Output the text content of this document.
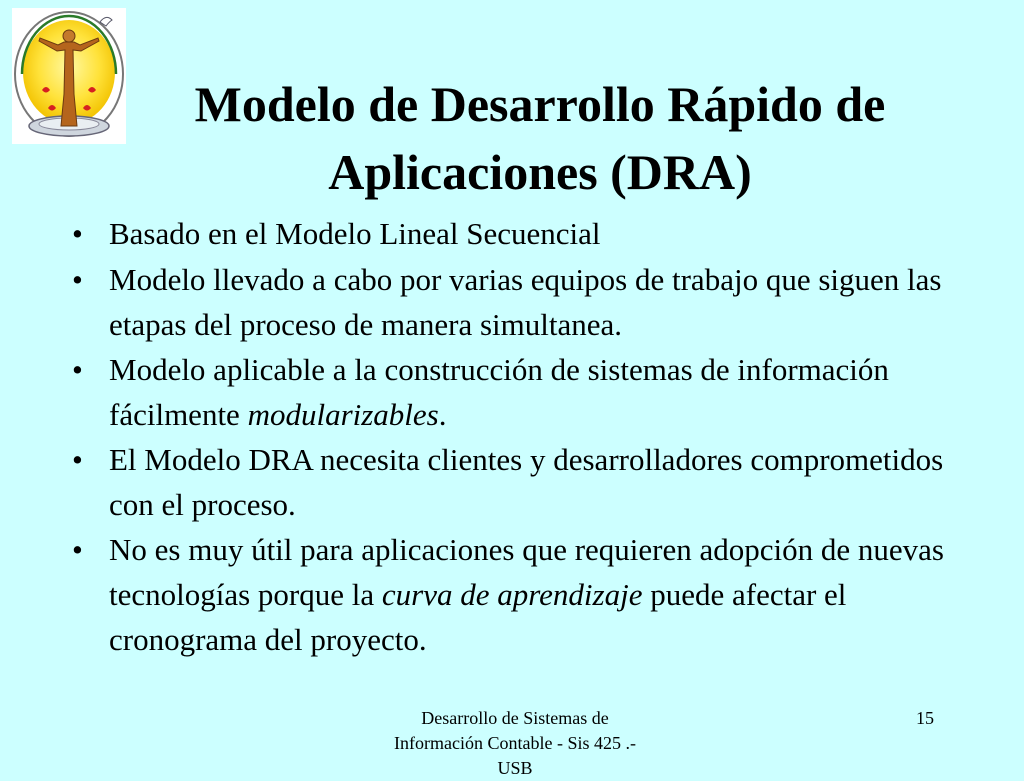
Modelo de Desarrollo Rápido de
Aplicaciones (DRA)
• Basado en el Modelo Lineal Secuencial
• Modelo llevado a cabo por varias equipos de trabajo que siguen las etapas del proceso de manera simultanea.
• Modelo aplicable a la construcción de sistemas de información fácilmente modularizables.
• El Modelo DRA necesita clientes y desarrolladores comprometidos con el proceso.
• No es muy útil para aplicaciones que requieren adopción de nuevas tecnologías porque la curva de aprendizaje puede afectar el cronograma del proyecto.
Desarrollo de Sistemas de
Información Contable - Sis 425 .-
USB
15
